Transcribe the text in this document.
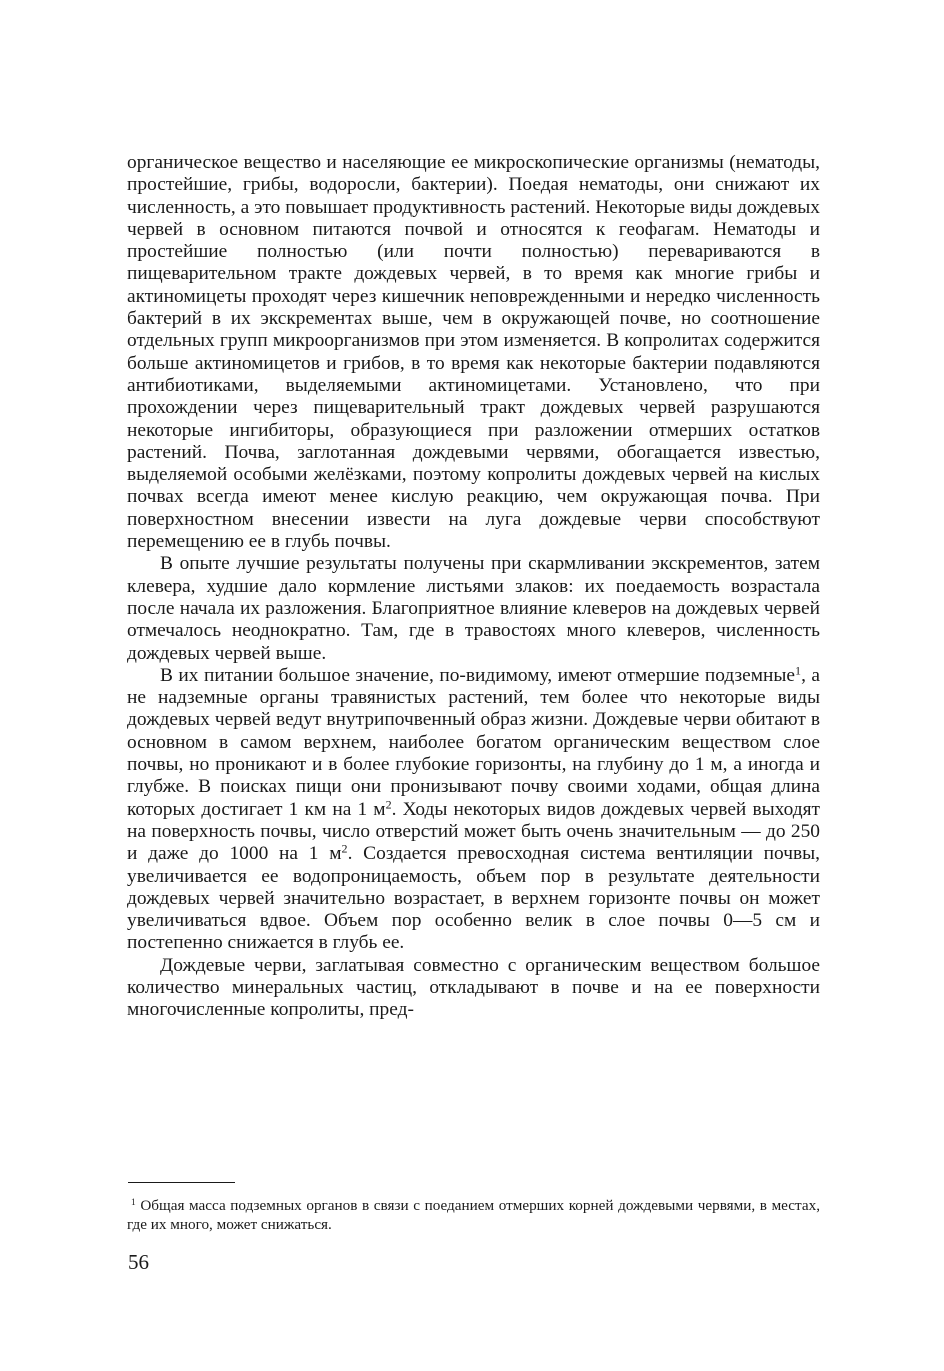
органическое вещество и населяющие ее микроскопические организмы (нематоды, простейшие, грибы, водоросли, бактерии). Поедая нематоды, они снижают их численность, а это повышает продуктивность растений. Некоторые виды дождевых червей в основном питаются почвой и относятся к геофагам. Нематоды и простейшие полностью (или почти полностью) перевариваются в пищеварительном тракте дождевых червей, в то время как многие грибы и актиномицеты проходят через кишечник неповрежденными и нередко численность бактерий в их экскрементах выше, чем в окружающей почве, но соотношение отдельных групп микроорганизмов при этом изменяется. В копролитах содержится больше актиномицетов и грибов, в то время как некоторые бактерии подавляются антибиотиками, выделяемыми актиномицетами. Установлено, что при прохождении через пищеварительный тракт дождевых червей разрушаются некоторые ингибиторы, образующиеся при разложении отмерших остатков растений. Почва, заглотанная дождевыми червями, обогащается известью, выделяемой особыми желёзками, поэтому копролиты дождевых червей на кислых почвах всегда имеют менее кислую реакцию, чем окружающая почва. При поверхностном внесении извести на луга дождевые черви способствуют перемещению ее в глубь почвы.

В опыте лучшие результаты получены при скармливании экскрементов, затем клевера, худшие дало кормление листьями злаков: их поедаемость возрастала после начала их разложения. Благоприятное влияние клеверов на дождевых червей отмечалось неоднократно. Там, где в травостоях много клеверов, численность дождевых червей выше.

В их питании большое значение, по-видимому, имеют отмершие подземные$^1$, а не надземные органы травянистых растений, тем более что некоторые виды дождевых червей ведут внутрипочвенный образ жизни. Дождевые черви обитают в основном в самом верхнем, наиболее богатом органическим веществом слое почвы, но проникают и в более глубокие горизонты, на глубину до 1 м, а иногда и глубже. В поисках пищи они пронизывают почву своими ходами, общая длина которых достигает 1 км на 1 $м^2$. Ходы некоторых видов дождевых червей выходят на поверхность почвы, число отверстий может быть очень значительным — до 250 и даже до 1000 на 1 $м^2$. Создается превосходная система вентиляции почвы, увеличивается ее водопроницаемость, объем пор в результате деятельности дождевых червей значительно возрастает, в верхнем горизонте почвы он может увеличиваться вдвое. Объем пор особенно велик в слое почвы 0—5 см и постепенно снижается в глубь ее.

Дождевые черви, заглатывая совместно с органическим веществом большое количество минеральных частиц, откладывают в почве и на ее поверхности многочисленные копролиты, пред-

$^1$ Общая масса подземных органов в связи с поеданием отмерших корней дождевыми червями, в местах, где их много, может снижаться.
56
